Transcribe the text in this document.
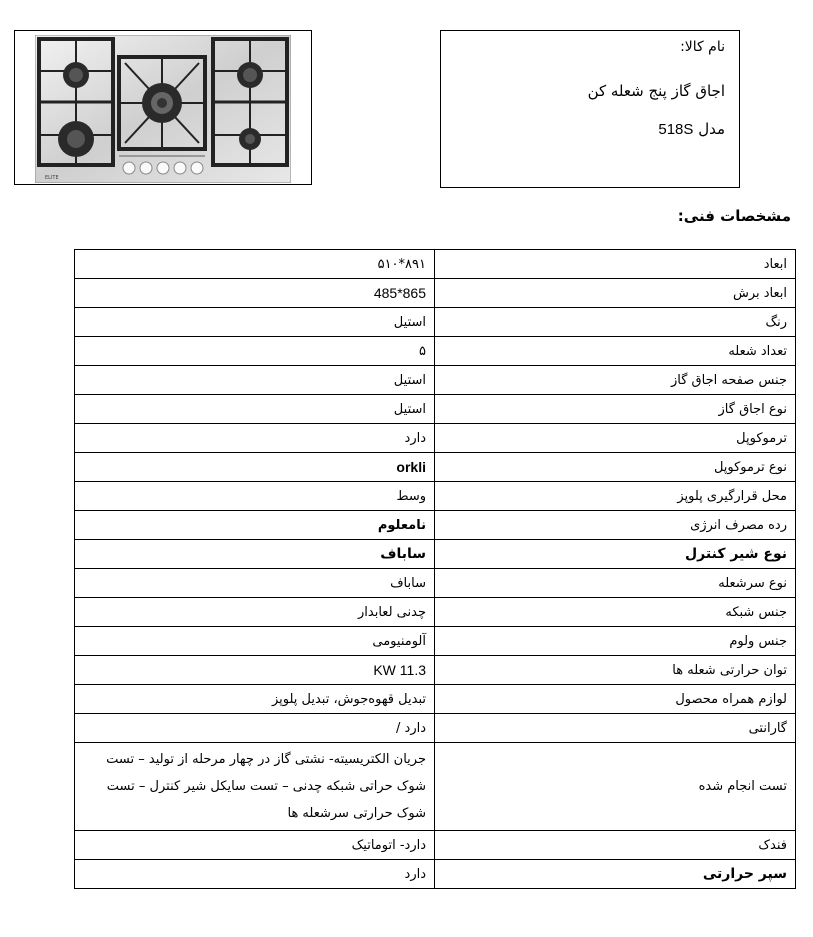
ELITE
نام کالا:
اجاق گاز پنج شعله کن
مدل 518S
مشخصات فنی:
ابعاد	۸۹۱*۵۱۰
ابعاد برش	865*485
رنگ	استیل
تعداد شعله	۵
جنس صفحه اجاق گاز	استیل
نوع اجاق گاز	استیل
ترموکوپل	دارد
نوع ترموکوپل	orkli
محل قرارگیری پلوپز	وسط
رده مصرف انرژی	نامعلوم
نوع شیر کنترل	ساباف
نوع سرشعله	ساباف
جنس شبکه	چدنی لعابدار
جنس ولوم	آلومنیومی
توان حرارتی شعله ها	11.3 KW
لوازم همراه محصول	تبدیل قهوه‌جوش، تبدیل پلوپز
گارانتی	دارد /
تست انجام شده	جریان الکتریسیته- نشتی گاز در چهار مرحله از تولید – تست شوک حراتی شبکه چدنی – تست سایکل شیر کنترل – تست شوک حرارتی سرشعله ها
فندک	دارد- اتوماتیک
سپر حرارتی	دارد
